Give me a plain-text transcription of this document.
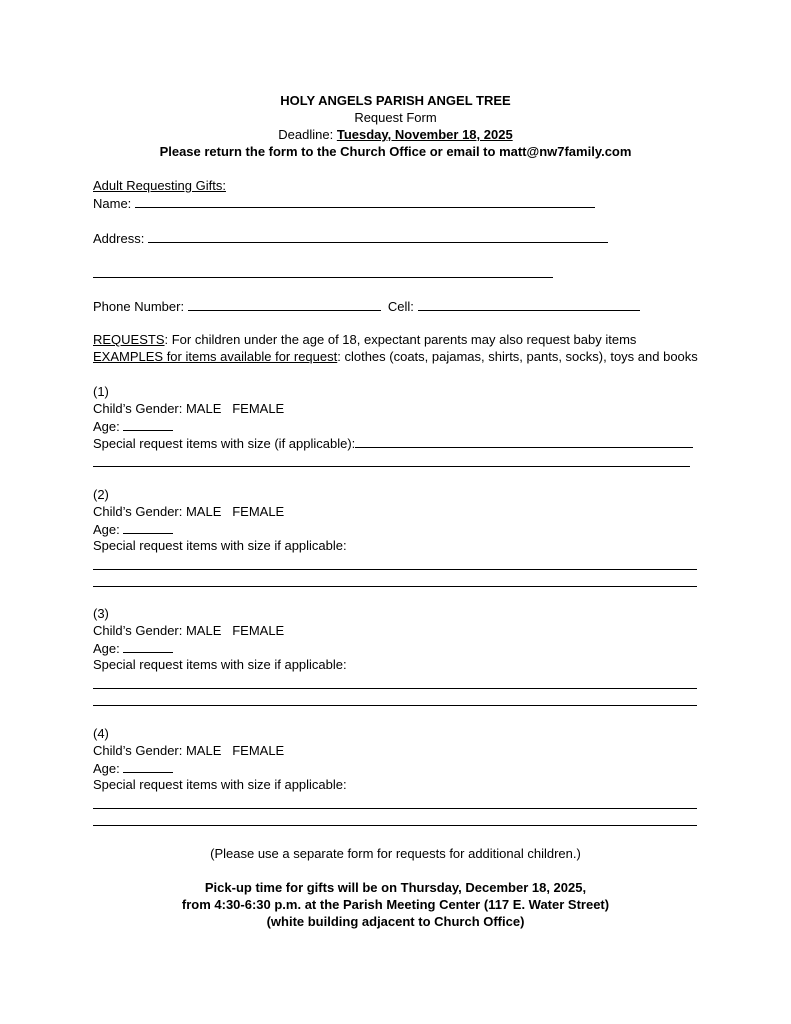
HOLY ANGELS PARISH ANGEL TREE
Request Form
Deadline: Tuesday, November 18, 2025
Please return the form to the Church Office or email to matt@nw7family.com
Adult Requesting Gifts:
Name:
Address:
Phone Number:	Cell:
REQUESTS: For children under the age of 18, expectant parents may also request baby items
EXAMPLES for items available for request: clothes (coats, pajamas, shirts, pants, socks), toys and books
(1)
Child’s Gender: MALE   FEMALE
Age:
Special request items with size (if applicable):
(2)
Child’s Gender: MALE   FEMALE
Age:
Special request items with size if applicable:
(3)
Child’s Gender: MALE   FEMALE
Age:
Special request items with size if applicable:
(4)
Child’s Gender: MALE   FEMALE
Age:
Special request items with size if applicable:
(Please use a separate form for requests for additional children.)
Pick-up time for gifts will be on Thursday, December 18, 2025,
from 4:30-6:30 p.m. at the Parish Meeting Center (117 E. Water Street)
(white building adjacent to Church Office)
